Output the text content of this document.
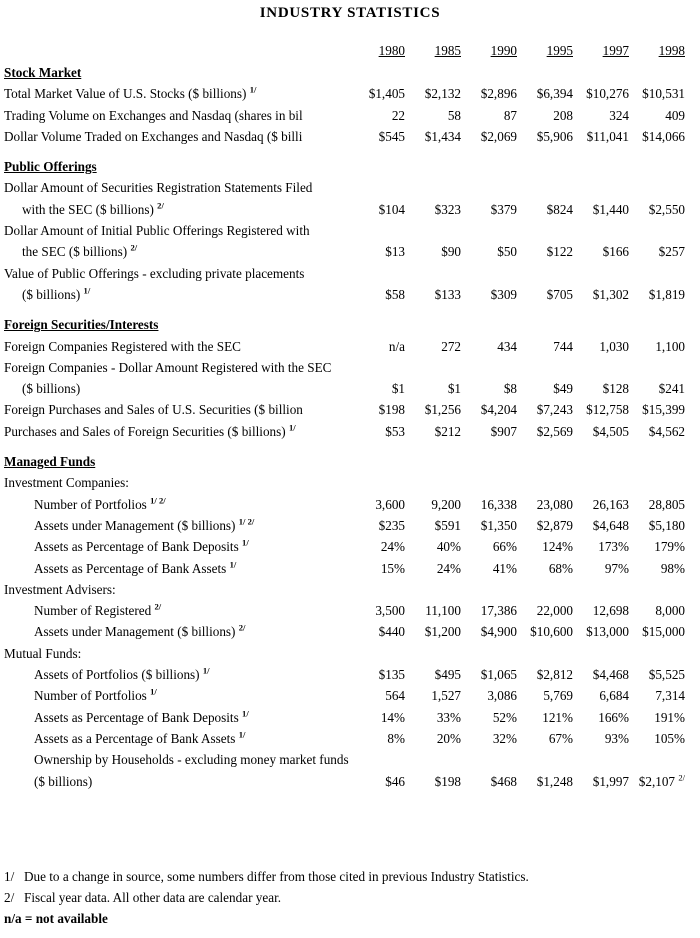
INDUSTRY STATISTICS
	1980	1985	1990	1995	1997	1998
Stock Market						
Total Market Value of U.S. Stocks ($ billions) $^{1/}$	$1,405	$2,132	$2,896	$6,394	$10,276	$10,531
Trading Volume on Exchanges and Nasdaq (shares in bil	22	58	87	208	324	409
Dollar Volume Traded on Exchanges and Nasdaq ($ billi	$545	$1,434	$2,069	$5,906	$11,041	$14,066

Public Offerings						
Dollar Amount of Securities Registration Statements Filed						
with the SEC ($ billions) $^{2/}$	$104	$323	$379	$824	$1,440	$2,550
Dollar Amount of Initial Public Offerings Registered with						
the SEC ($ billions) $^{2/}$	$13	$90	$50	$122	$166	$257
Value of Public Offerings - excluding private placements						
($ billions) $^{1/}$	$58	$133	$309	$705	$1,302	$1,819

Foreign Securities/Interests						
Foreign Companies Registered with the SEC	n/a	272	434	744	1,030	1,100
Foreign Companies - Dollar Amount Registered with the SEC						
($ billions)	$1	$1	$8	$49	$128	$241
Foreign Purchases and Sales of U.S. Securities ($ billion	$198	$1,256	$4,204	$7,243	$12,758	$15,399
Purchases and Sales of Foreign Securities ($ billions) $^{1/}$	$53	$212	$907	$2,569	$4,505	$4,562

Managed Funds						
Investment Companies:						
Number of Portfolios $^{1/ 2/}$	3,600	9,200	16,338	23,080	26,163	28,805
Assets under Management ($ billions) $^{1/ 2/}$	$235	$591	$1,350	$2,879	$4,648	$5,180
Assets as Percentage of Bank Deposits $^{1/}$	24%	40%	66%	124%	173%	179%
Assets as Percentage of Bank Assets $^{1/}$	15%	24%	41%	68%	97%	98%
Investment Advisers:						
Number of Registered $^{2/}$	3,500	11,100	17,386	22,000	12,698	8,000
Assets under Management ($ billions) $^{2/}$	$440	$1,200	$4,900	$10,600	$13,000	$15,000
Mutual Funds:						
Assets of Portfolios ($ billions) $^{1/}$	$135	$495	$1,065	$2,812	$4,468	$5,525
Number of Portfolios $^{1/}$	564	1,527	3,086	5,769	6,684	7,314
Assets as Percentage of Bank Deposits $^{1/}$	14%	33%	52%	121%	166%	191%
Assets as a Percentage of Bank Assets $^{1/}$	8%	20%	32%	67%	93%	105%
Ownership by Households - excluding money market funds						
($ billions)	$46	$198	$468	$1,248	$1,997	$2,107 $^{2/}$
1/ Due to a change in source, some numbers differ from those cited in previous Industry Statistics.
2/ Fiscal year data. All other data are calendar year.
n/a = not available
